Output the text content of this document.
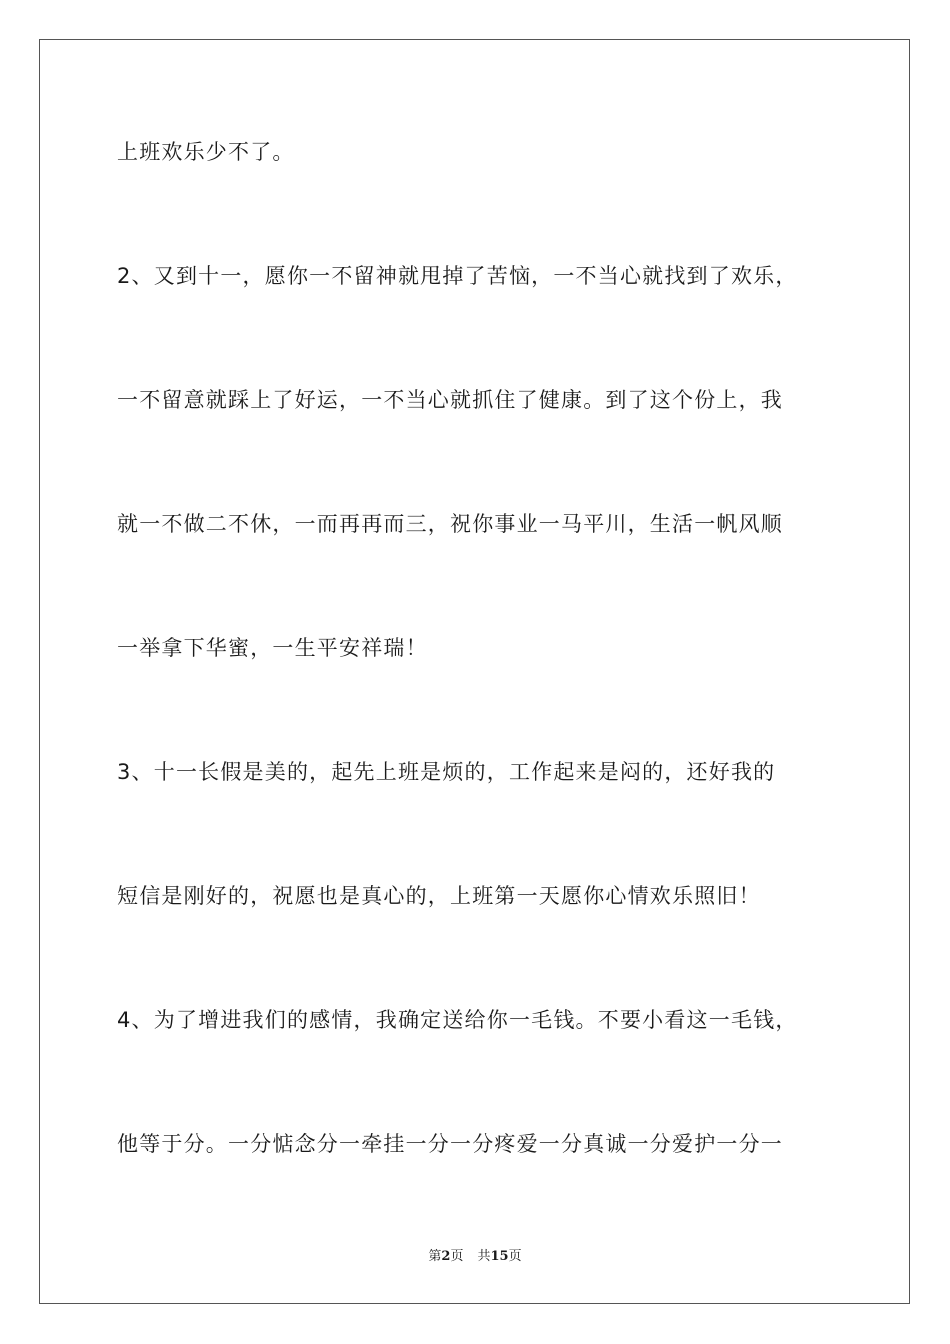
上班欢乐少不了。
2、又到十一，愿你一不留神就甩掉了苦恼，一不当心就找到了欢乐，
一不留意就踩上了好运，一不当心就抓住了健康。到了这个份上，我
就一不做二不休，一而再再而三，祝你事业一马平川，生活一帆风顺
一举拿下华蜜，一生平安祥瑞！
3、十一长假是美的，起先上班是烦的，工作起来是闷的，还好我的
短信是刚好的，祝愿也是真心的，上班第一天愿你心情欢乐照旧！
4、为了增进我们的感情，我确定送给你一毛钱。不要小看这一毛钱，
他等于分。一分惦念分一牵挂一分一分疼爱一分真诚一分爱护一分一
第2页 共15页
